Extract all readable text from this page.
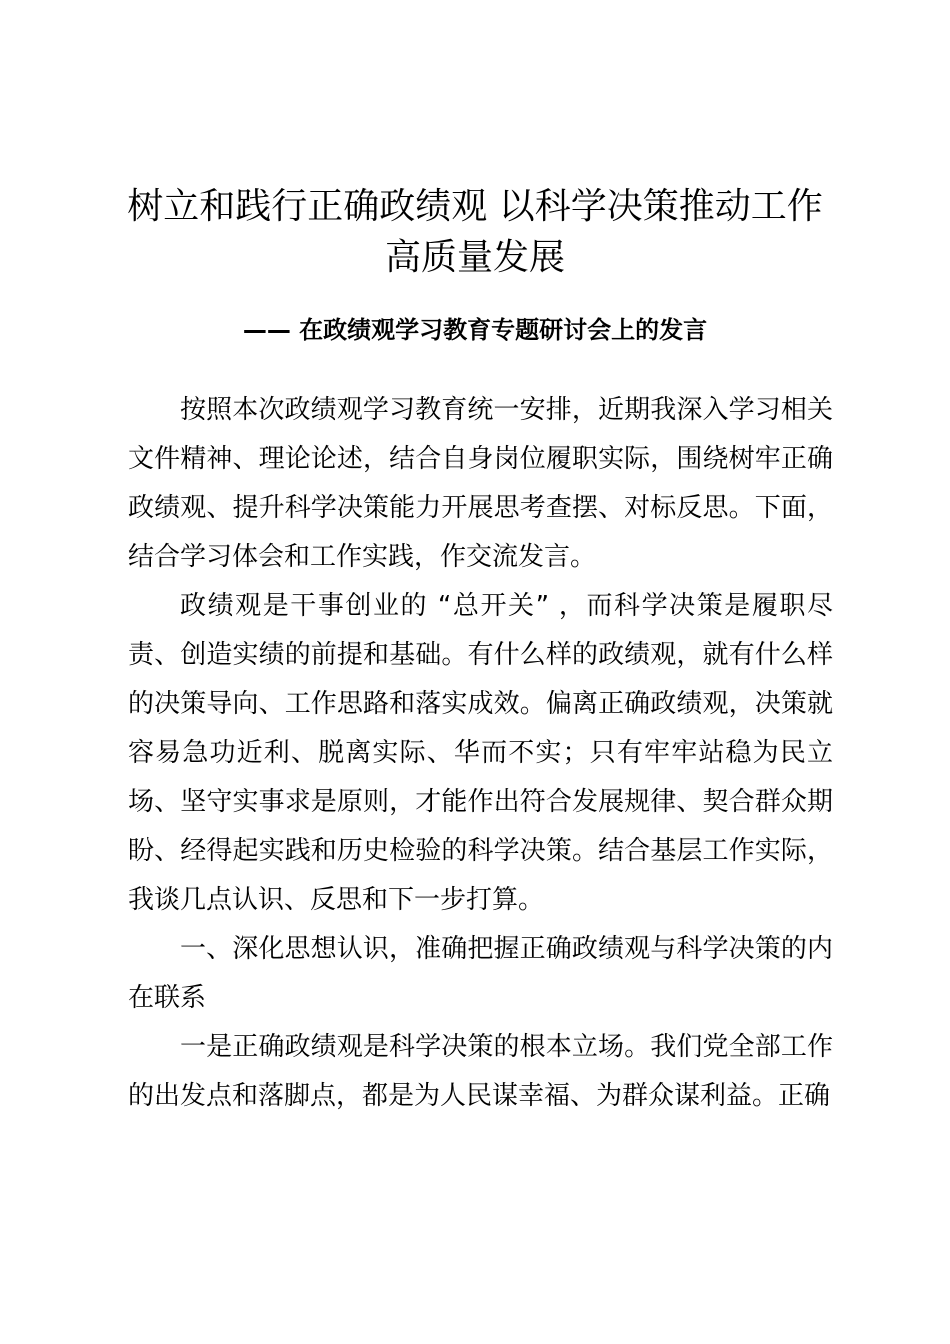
树立和践行正确政绩观 以科学决策推动工作
高质量发展
—— 在政绩观学习教育专题研讨会上的发言

按照本次政绩观学习教育统一安排，近期我深入学习相关文件精神、理论论述，结合自身岗位履职实际，围绕树牢正确政绩观、提升科学决策能力开展思考查摆、对标反思。下面，结合学习体会和工作实践，作交流发言。

政绩观是干事创业的 “总开关” ，而科学决策是履职尽责、创造实绩的前提和基础。有什么样的政绩观，就有什么样的决策导向、工作思路和落实成效。偏离正确政绩观，决策就容易急功近利、脱离实际、华而不实；只有牢牢站稳为民立场、坚守实事求是原则，才能作出符合发展规律、契合群众期盼、经得起实践和历史检验的科学决策。结合基层工作实际，我谈几点认识、反思和下一步打算。

一、深化思想认识，准确把握正确政绩观与科学决策的内在联系

一是正确政绩观是科学决策的根本立场。我们党全部工作的出发点和落脚点，都是为人民谋幸福、为群众谋利益。正确
